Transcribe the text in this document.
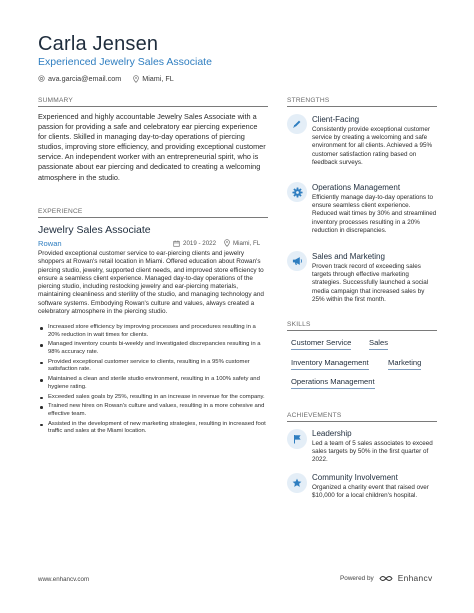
Carla Jensen
Experienced Jewelry Sales Associate
ava.garcia@email.com	Miami, FL
SUMMARY
Experienced and highly accountable Jewelry Sales Associate with a passion for providing a safe and celebratory ear piercing experience for clients. Skilled in managing day-to-day operations of piercing studios, improving store efficiency, and providing exceptional customer service. An independent worker with an entrepreneurial spirit, who is passionate about ear piercing and dedicated to creating a welcoming atmosphere in the studio.
EXPERIENCE
Jewelry Sales Associate
Rowan	2019 - 2022	Miami, FL
Provided exceptional customer service to ear-piercing clients and jewelry shoppers at Rowan's retail location in Miami. Offered education about Rowan's piercing studio, jewelry, supported client needs, and improved store efficiency to ensure a seamless client experience. Managed day-to-day operations of the piercing studio, including restocking jewelry and ear-piercing materials, maintaining cleanliness and sterility of the studio, and managing technology and software systems. Embodying Rowan's culture and values, always created a celebratory atmosphere in the piercing studio.
Increased store efficiency by improving processes and procedures resulting in a 20% reduction in wait times for clients.
Managed inventory counts bi-weekly and investigated discrepancies resulting in a 98% accuracy rate.
Provided exceptional customer service to clients, resulting in a 95% customer satisfaction rate.
Maintained a clean and sterile studio environment, resulting in a 100% safety and hygiene rating.
Exceeded sales goals by 25%, resulting in an increase in revenue for the company.
Trained new hires on Rowan's culture and values, resulting in a more cohesive and effective team.
Assisted in the development of new marketing strategies, resulting in increased foot traffic and sales at the Miami location.
STRENGTHS
Client-Facing
Consistently provide exceptional customer service by creating a welcoming and safe environment for all clients. Achieved a 95% customer satisfaction rating based on feedback surveys.
Operations Management
Efficiently manage day-to-day operations to ensure seamless client experience. Reduced wait times by 30% and streamlined inventory processes resulting in a 20% reduction in discrepancies.
Sales and Marketing
Proven track record of exceeding sales targets through effective marketing strategies. Successfully launched a social media campaign that increased sales by 25% within the first month.
SKILLS
Customer Service Sales
Inventory Management	Marketing
Operations Management
ACHIEVEMENTS
Leadership
Led a team of 5 sales associates to exceed sales targets by 50% in the first quarter of 2022.
Community Involvement
Organized a charity event that raised over $10,000 for a local children's hospital.
www.enhancv.com	Powered by	Enhancv
